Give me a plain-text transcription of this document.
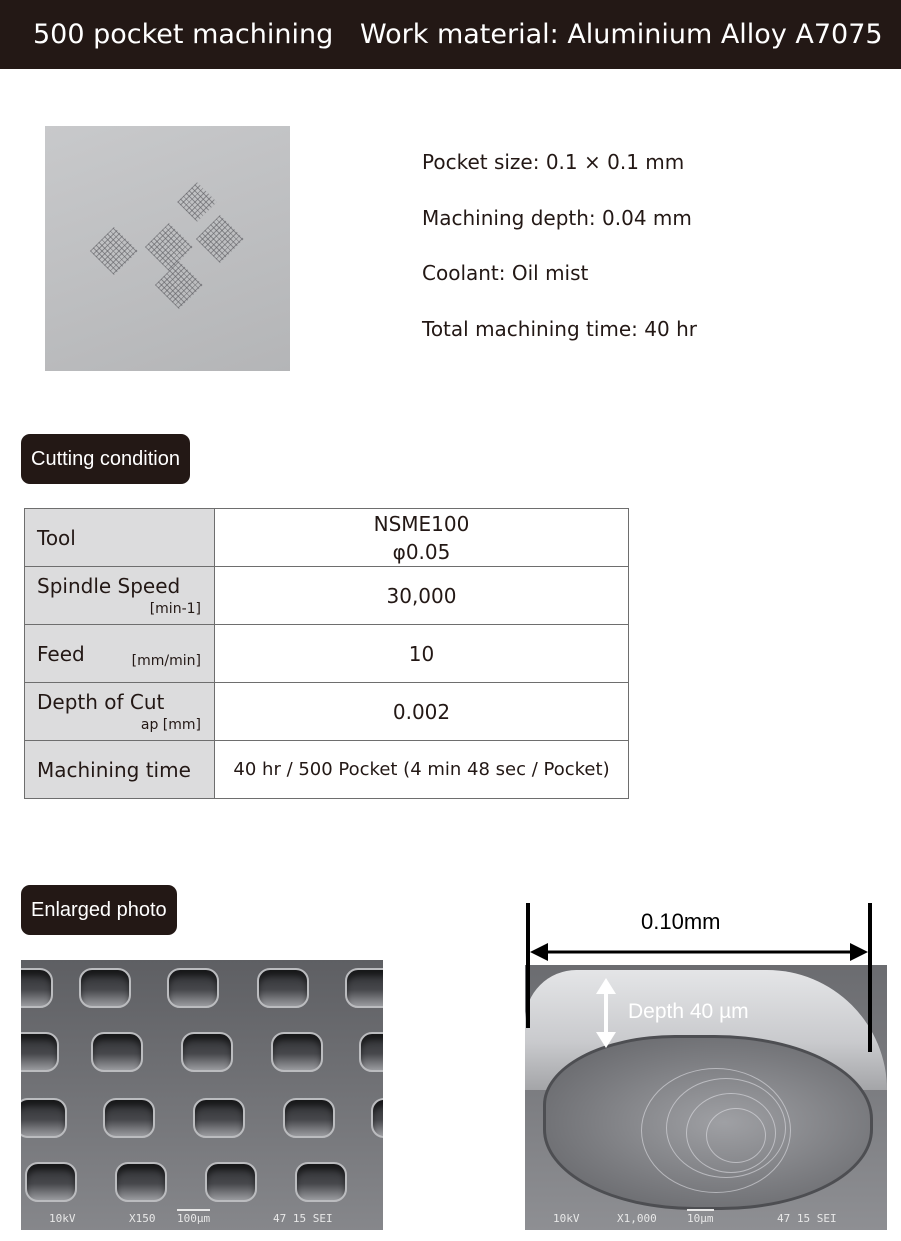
500 pocket machining Work material: Aluminium Alloy A7075
Pocket size: 0.1 × 0.1 mm
Machining depth: 0.04 mm
Coolant: Oil mist
Total machining time: 40 hr
Cutting condition
Tool	NSME100
φ0.05

Spindle Speed
[min-1]	30,000

Feed [mm/min]	10

Depth of Cut
ap [mm]	0.002

Machining time	40 hr / 500 Pocket (4 min 48 sec / Pocket)
Enlarged photo
10kV	X150 100µm	47 15 SEI	10kV	X1,000	10µm	47 15 SEI
0.10mm
Depth 40 µm
